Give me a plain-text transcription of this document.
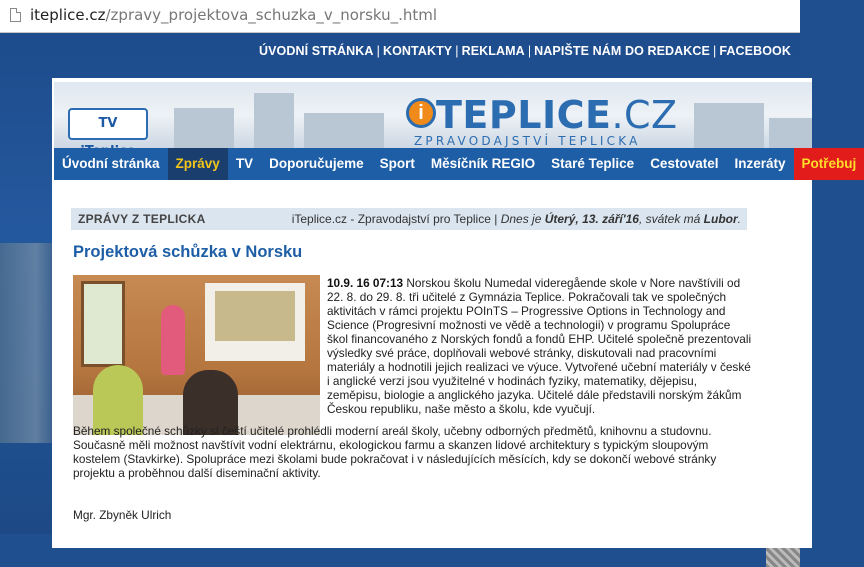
iteplice.cz/zpravy_projektova_schuzka_v_norsku_.html
ÚVODNÍ STRÁNKA | KONTAKTY | REKLAMA | NAPIŠTE NÁM DO REDAKCE | FACEBOOK
TV	i TEPLICE.CZ
ZPRAVODAJSTVÍ TEPLICKA
Úvodní stránka Zprávy TV Doporučujeme Sport Měsíčník REGIO Staré Teplice Cestovatel Inzeráty Potřebuj
ZPRÁVY Z TEPLICKA	iTeplice.cz - Zpravodajství pro Teplice | Dnes je Úterý, 13. září'16, svátek má Lubor.
Projektová schůzka v Norsku
10.9. 16 07:13 Norskou školu Numedal videregående skole v Nore navštívili od 22. 8. do 29. 8. tři učitelé z Gymnázia Teplice. Pokračovali tak ve společných aktivitách v rámci projektu POInTS – Progressive Options in Technology and Science (Progresivní možnosti ve vědě a technologii) v programu Spolupráce škol financovaného z Norských fondů a fondů EHP. Učitelé společně prezentovali výsledky své práce, doplňovali webové stránky, diskutovali nad pracovními materiály a hodnotili jejich realizaci ve výuce. Vytvořené učební materiály v české i anglické verzi jsou využitelné v hodinách fyziky, matematiky, dějepisu, zeměpisu, biologie a anglického jazyka. Učitelé dále představili norským žákům Českou republiku, naše město a školu, kde vyučují.
Během společné schůzky si čeští učitelé prohlédli moderní areál školy, učebny odborných předmětů, knihovnu a studovnu. Současně měli možnost navštívit vodní elektrárnu, ekologickou farmu a skanzen lidové architektury s typickým sloupovým kostelem (Stavkirke). Spolupráce mezi školami bude pokračovat i v následujících měsících, kdy se dokončí webové stránky projektu a proběhnou další diseminační aktivity.
Mgr. Zbyněk Ulrich
